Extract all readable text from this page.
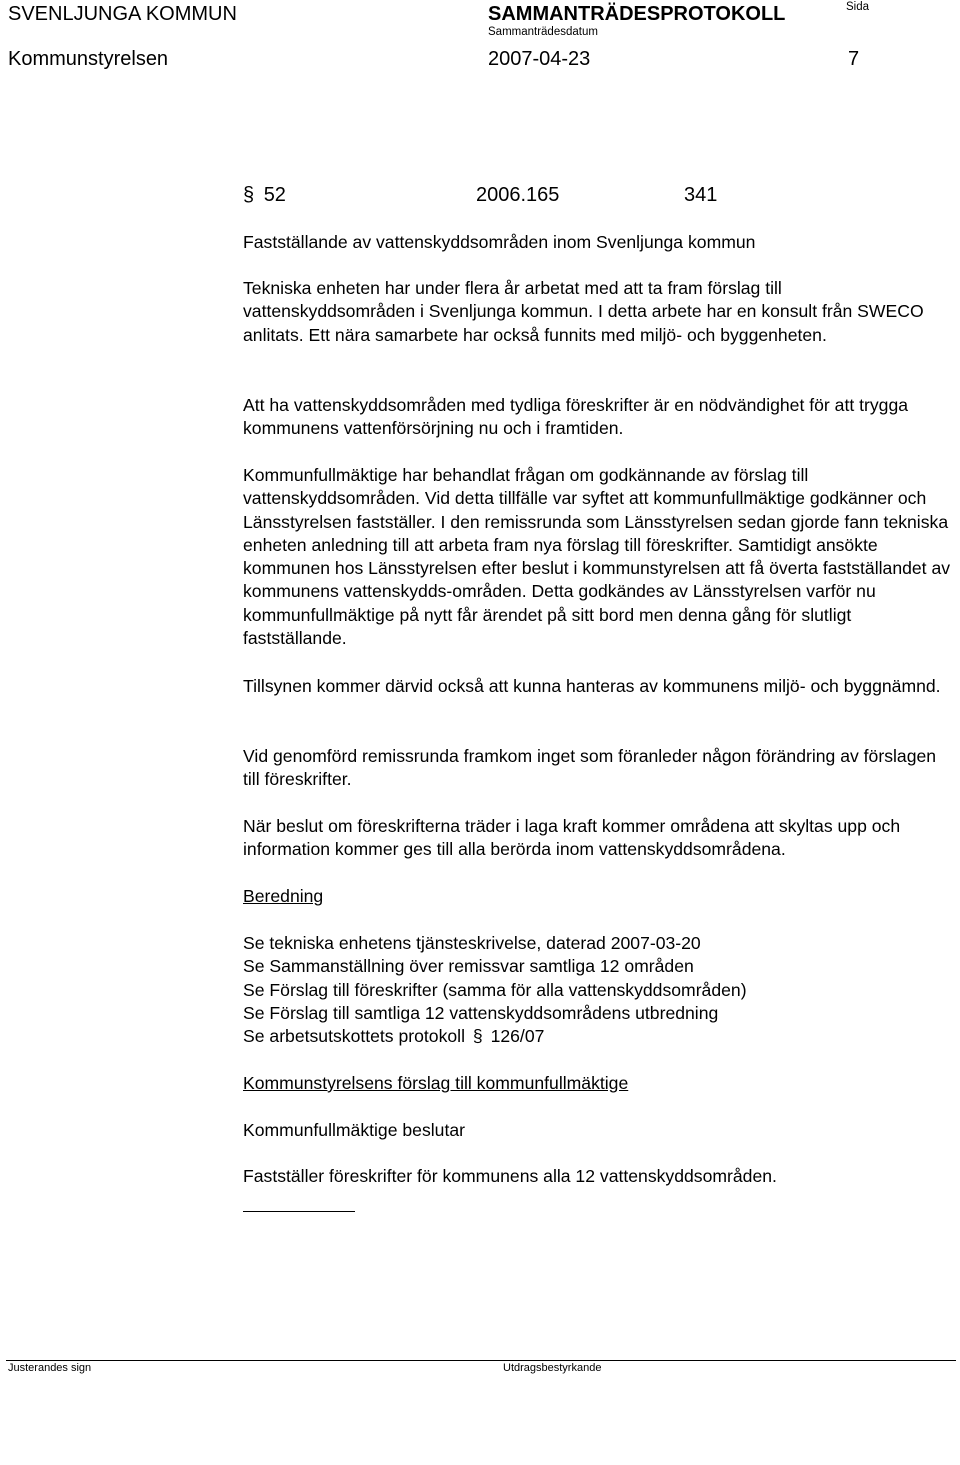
SVENLJUNGA KOMMUN	SAMMANTRÄDESPROTOKOLL	Sida
Sammanträdesdatum
Kommunstyrelsen	2007-04-23	7
§ 52	2006.165	341
Fastställande av vattenskyddsområden inom Svenljunga kommun
Tekniska enheten har under flera år arbetat med att ta fram förslag till vattenskyddsområden i Svenljunga kommun. I detta arbete har en konsult från SWECO anlitats. Ett nära samarbete har också funnits med miljö- och byggenheten.
Att ha vattenskyddsområden med tydliga föreskrifter är en nödvändighet för att trygga kommunens vattenförsörjning nu och i framtiden.
Kommunfullmäktige har behandlat frågan om godkännande av förslag till vattenskyddsområden. Vid detta tillfälle var syftet att kommunfullmäktige godkänner och Länsstyrelsen fastställer. I den remissrunda som Länsstyrelsen sedan gjorde fann tekniska enheten anledning till att arbeta fram nya förslag till föreskrifter. Samtidigt ansökte kommunen hos Länsstyrelsen efter beslut i kommunstyrelsen att få överta fastställandet av kommunens vattenskydds-områden. Detta godkändes av Länsstyrelsen varför nu kommunfullmäktige på nytt får ärendet på sitt bord men denna gång för slutligt fastställande.
Tillsynen kommer därvid också att kunna hanteras av kommunens miljö- och byggnämnd.
Vid genomförd remissrunda framkom inget som föranleder någon förändring av förslagen till föreskrifter.
När beslut om föreskrifterna träder i laga kraft kommer områdena att skyltas upp och information kommer ges till alla berörda inom vattenskyddsområdena.
Beredning
Se tekniska enhetens tjänsteskrivelse, daterad 2007-03-20
Se Sammanställning över remissvar samtliga 12 områden
Se Förslag till föreskrifter (samma för alla vattenskyddsområden)
Se Förslag till samtliga 12 vattenskyddsområdens utbredning
Se arbetsutskottets protokoll § 126/07
Kommunstyrelsens förslag till kommunfullmäktige
Kommunfullmäktige beslutar
Fastställer föreskrifter för kommunens alla 12 vattenskyddsområden.
Justerandes sign	Utdragsbestyrkande
